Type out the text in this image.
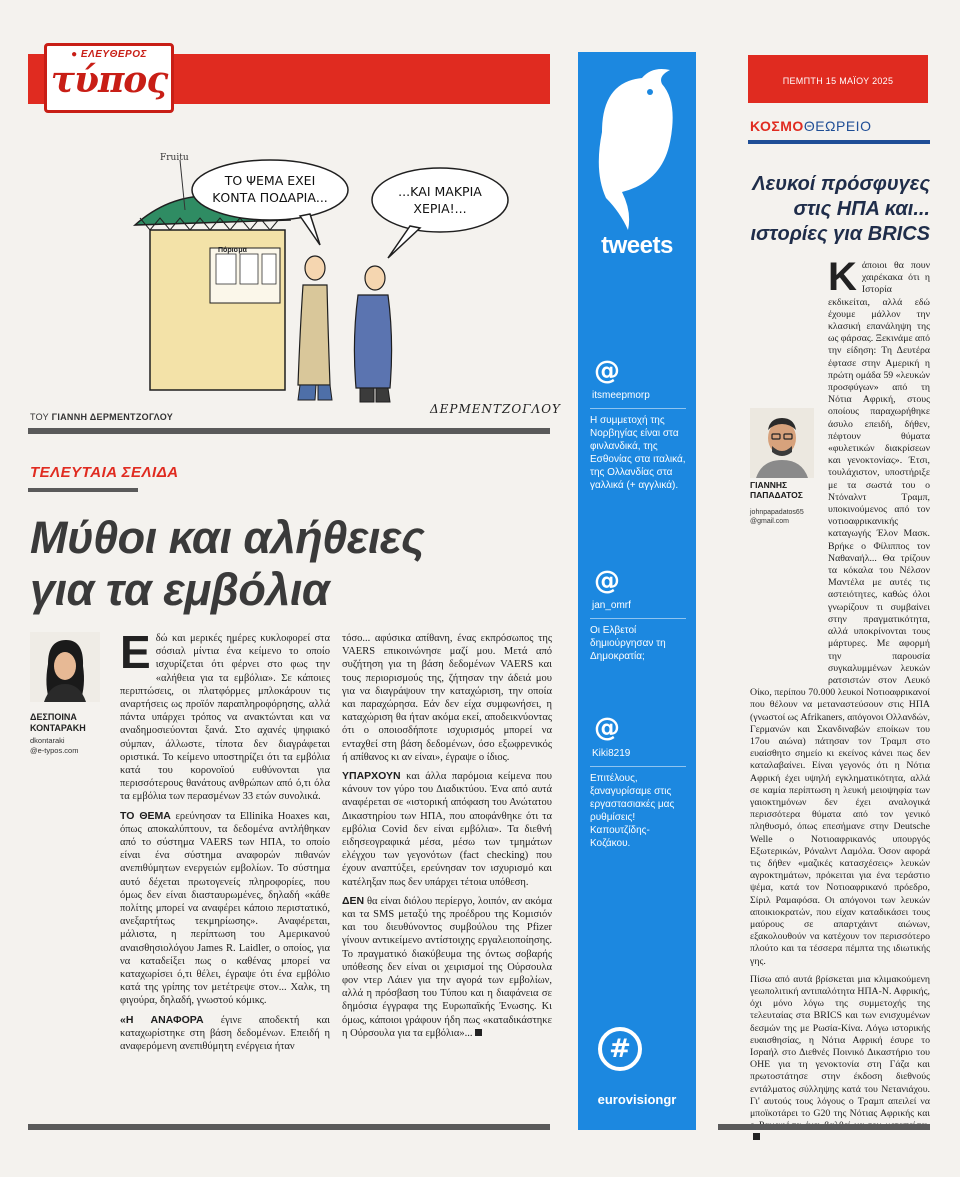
● ΕΛΕΥΘΕΡΟΣ
τύπος
Πόρισμα
Fruitu
ΤΟ ΨΕΜΑ ΕΧΕΙ
ΚΟΝΤΑ ΠΟΔΑΡΙΑ...	...ΚΑΙ ΜΑΚΡΙΑ
ΧΕΡΙΑ!...
ΔΕΡΜΕΝΤΖΟΓΛΟΥ
ΤΟΥ ΓΙΑΝΝΗ ΔΕΡΜΕΝΤΖΟΓΛΟΥ
ΤΕΛΕΥΤΑΙΑ ΣΕΛΙΔΑ
Μύθοι και αλήθειες
για τα εμβόλια
ΔΕΣΠΟΙΝΑ
ΚΟΝΤΑΡΑΚΗ
dkontaraki
@e-typos.com

Εδώ και μερικές ημέρες κυκλοφορεί στα σόσιαλ μίντια ένα κείμενο το οποίο ισχυρίζεται ότι φέρνει στο φως την «αλήθεια για τα εμβόλια». Σε κάποιες περιπτώσεις, οι πλατφόρμες μπλοκάρουν τις αναρτήσεις ως προϊόν παραπληροφόρησης, αλλά πάντα υπάρχει τρόπος να ανακτώνται και να αναδημοσιεύονται ξανά. Στο αχανές ψηφιακό σύμπαν, άλλωστε, τίποτα δεν διαγράφεται οριστικά. Το κείμενο υποστηρίζει ότι τα εμβόλια κατά του κορονοϊού ευθύνονται για περισσότερους θανάτους ανθρώπων από ό,τι όλα τα εμβόλια των περασμένων 33 ετών συνολικά.

ΤΟ ΘΕΜΑ ερεύνησαν τα Ellinika Hoaxes και, όπως αποκαλύπτουν, τα δεδομένα αντλήθηκαν από το σύστημα VAERS των ΗΠΑ, το οποίο είναι ένα σύστημα αναφορών πιθανών ανεπιθύμητων ενεργειών εμβολίων. Το σύστημα αυτό δέχεται πρωτογενείς πληροφορίες, που όμως δεν είναι διασταυρωμένες, δηλαδή «κάθε πολίτης μπορεί να αναφέρει κάποιο περιστατικό, ανεξαρτήτως τεκμηρίωσης». Αναφέρεται, μάλιστα, η περίπτωση του Αμερικανού αναισθησιολόγου James R. Laidler, ο οποίος, για να καταδείξει πως ο καθένας μπορεί να καταχωρίσει ό,τι θέλει, έγραψε ότι ένα εμβόλιο κατά της γρίπης τον μετέτρεψε στον... Χαλκ, τη φιγούρα, δηλαδή, γνωστού κόμικς.

«Η ΑΝΑΦΟΡΑ έγινε αποδεκτή και καταχωρίστηκε στη βάση δεδομένων. Επειδή η αναφερόμενη ανεπιθύμητη ενέργεια ήταν

τόσο... αφύσικα απίθανη, ένας εκπρόσωπος της VAERS επικοινώνησε μαζί μου. Μετά από συζήτηση για τη βάση δεδομένων VAERS και τους περιορισμούς της, ζήτησαν την άδειά μου για να διαγράψουν την καταχώριση, την οποία και παραχώρησα. Εάν δεν είχα συμφωνήσει, η καταχώριση θα ήταν ακόμα εκεί, αποδεικνύοντας ότι ο οποιοσδήποτε ισχυρισμός μπορεί να ενταχθεί στη βάση δεδομένων, όσο εξωφρενικός ή απίθανος κι αν είναι», έγραψε ο ίδιος.

ΥΠΑΡΧΟΥΝ και άλλα παρόμοια κείμενα που κάνουν τον γύρο του Διαδικτύου. Ένα από αυτά αναφέρεται σε «ιστορική απόφαση του Ανώτατου Δικαστηρίου των ΗΠΑ, που αποφάνθηκε ότι τα εμβόλια Covid δεν είναι εμβόλια». Τα διεθνή ειδησεογραφικά μέσα, μέσω των τμημάτων ελέγχου των γεγονότων (fact checking) που έχουν αναπτύξει, ερεύνησαν τον ισχυρισμό και κατέληξαν πως δεν υπάρχει τέτοια υπόθεση.

ΔΕΝ θα είναι διόλου περίεργο, λοιπόν, αν ακόμα και τα SMS μεταξύ της προέδρου της Κομισιόν και του διευθύνοντος συμβούλου της Pfizer γίνουν αντικείμενο αντίστοιχης εργαλειοποίησης. Το πραγματικό διακύβευμα της όντως σοβαρής υπόθεσης δεν είναι οι χειρισμοί της Ούρσουλα φον ντερ Λάιεν για την αγορά των εμβολίων, αλλά η πρόσβαση του Τύπου και η διαφάνεια σε δημόσια έγγραφα της Ευρωπαϊκής Ένωσης. Κι όμως, κάποιοι γράφουν ήδη πως «καταδικάστηκε η Ούρσουλα για τα εμβόλια»...

tweets
@
itsmeepmorp
Η συμμετοχή της Νορβηγίας είναι στα φινλανδικά, της Εσθονίας στα ιταλικά, της Ολλανδίας στα γαλλικά (+ αγγλικά).
@
jan_omrf
Οι Ελβετοί δημιούργησαν τη Δημοκρατία;
@
Kiki8219
Επιτέλους, ξαναγυρίσαμε στις εργαστασιακές μας ρυθμίσεις! Καπουτζίδης-Κοζάκου.
#
eurovisiongr
ΠΕΜΠΤΗ 15 ΜΑΪΟΥ 2025
ΚΟΣΜΟΘΕΩΡΕΙΟ
Λευκοί πρόσφυγες
στις ΗΠΑ και...
ιστορίες για BRICS

Κάποιοι θα πουν χαιρέκακα ότι η Ιστορία εκδικείται, αλλά εδώ έχουμε μάλλον την κλασική επανάληψη της ως φάρσας. Ξεκινάμε από την είδηση: Τη Δευτέρα έφτασε στην Αμερική η πρώτη ομάδα 59 «λευκών προσφύγων» από τη Νότια Αφρική, στους οποίους παραχωρήθηκε άσυλο επειδή, δήθεν, πέφτουν θύματα «φυλετικών διακρίσεων και γενοκτονίας». Έτσι, τουλάχιστον, υποστήριξε με τα σωστά του ο Ντόναλντ Τραμπ, υποκινούμενος από τον νοτιοαφρικανικής καταγωγής Έλον Μασκ. Βρήκε ο Φίλιππος τον Ναθαναήλ... Θα τρίζουν τα κόκαλα του Νέλσον Μαντέλα με αυτές τις αστειότητες, καθώς όλοι γνωρίζουν τι συμβαίνει στην πραγματικότητα, αλλά υποκρίνονται τους μάρτυρες. Με αφορμή την παρουσία συγκαλυμμένων λευκών ρατσιστών στον Λευκό Οίκο, περίπου 70.000 λευκοί Νοτιοαφρικανοί που θέλουν να μεταναστεύσουν στις ΗΠΑ (γνωστοί ως Afrikaners, απόγονοι Ολλανδών, Γερμανών και Σκανδιναβών εποίκων του 17ου αιώνα) πάτησαν τον Τραμπ στο ευαίσθητο σημείο κι εκείνος κάνει πως δεν καταλαβαίνει. Είναι γεγονός ότι η Νότια Αφρική έχει υψηλή εγκληματικότητα, αλλά σε καμία περίπτωση η λευκή μειοψηφία των γαιοκτημόνων δεν έχει αναλογικά περισσότερα θύματα από τον γενικό πληθυσμό, όπως επεσήμανε στην Deutsche Welle ο Νοτιοαφρικανός υπουργός Εξωτερικών, Ρόναλντ Λαμόλα. Όσον αφορά τις δήθεν «μαζικές κατασχέσεις» λευκών αγροκτημάτων, πρόκειται για ένα τεράστιο ψέμα, κατά τον Νοτιοαφρικανό πρόεδρο, Σίριλ Ραμαφόσα. Οι απόγονοι των λευκών αποικιοκρατών, που είχαν καταδικάσει τους μαύρους σε απαρτχάιντ αιώνων, εξακολουθούν να κατέχουν τον περισσότερο πλούτο και τα τέσσερα πέμπτα της ιδιωτικής γης.

Πίσω από αυτά βρίσκεται μια κλιμακούμενη γεωπολιτική αντιπαλότητα ΗΠΑ-Ν. Αφρικής, όχι μόνο λόγω της συμμετοχής της τελευταίας στα BRICS και των ενισχυμένων δεσμών της με Ρωσία-Κίνα. Λόγω ιστορικής ευαισθησίας, η Νότια Αφρική έσυρε το Ισραήλ στο Διεθνές Ποινικό Δικαστήριο του ΟΗΕ για τη γενοκτονία στη Γάζα και πρωτοστάτησε στην έκδοση διεθνούς εντάλματος σύλληψης κατά του Νετανιάχου. Γι' αυτούς τους λόγους ο Τραμπ απειλεί να μποϊκοτάρει το G20 της Νότιας Αφρικής και

ΓΙΑΝΝΗΣ
ΠΑΠΑΔΑΤΟΣ
johnpapadatos65
@gmail.com
